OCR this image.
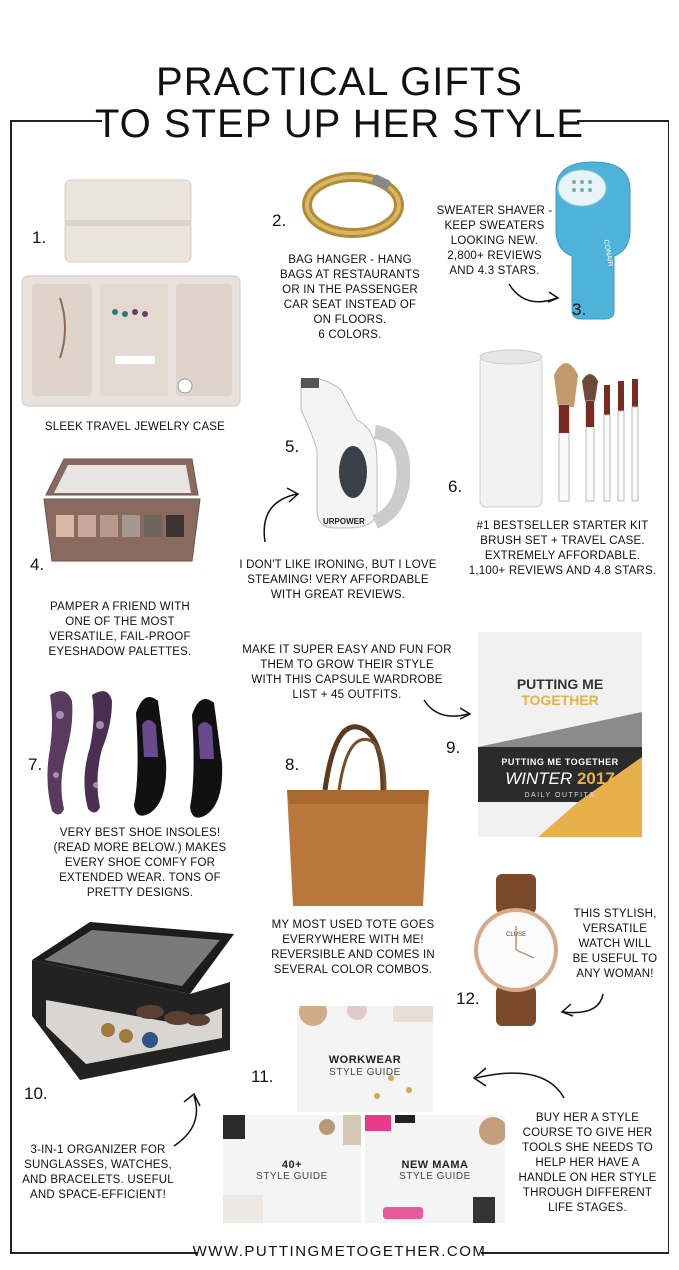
PRACTICAL GIFTS
TO STEP UP HER STYLE
1.
SLEEK TRAVEL JEWELRY CASE
2.
BAG HANGER - HANG
BAGS AT RESTAURANTS
OR IN THE PASSENGER
CAR SEAT INSTEAD OF
ON FLOORS.
6 COLORS.
CONAIR
SWEATER SHAVER -
KEEP SWEATERS
LOOKING NEW.
2,800+ REVIEWS
AND 4.3 STARS.
3.
4.
PAMPER A FRIEND WITH
ONE OF THE MOST
VERSATILE, FAIL-PROOF
EYESHADOW PALETTES.
URPOWER
5.
I DON'T LIKE IRONING, BUT I LOVE
STEAMING! VERY AFFORDABLE
WITH GREAT REVIEWS.
6.
#1 BESTSELLER STARTER KIT
BRUSH SET + TRAVEL CASE.
EXTREMELY AFFORDABLE.
1,100+ REVIEWS AND 4.8 STARS.
MAKE IT SUPER EASY AND FUN FOR
THEM TO GROW THEIR STYLE
WITH THIS CAPSULE WARDROBE
LIST + 45 OUTFITS.
9.
PUTTING ME
TOGETHER
PUTTING ME TOGETHER
WINTER 2017
DAILY OUTFITS
7.
VERY BEST SHOE INSOLES!
(READ MORE BELOW.) MAKES
EVERY SHOE COMFY FOR
EXTENDED WEAR. TONS OF
PRETTY DESIGNS.
8.
MY MOST USED TOTE GOES
EVERYWHERE WITH ME!
REVERSIBLE AND COMES IN
SEVERAL COLOR COMBOS.
CLUSE
THIS STYLISH,
VERSATILE
WATCH WILL
BE USEFUL TO
ANY WOMAN!
12.
10.
3-IN-1 ORGANIZER FOR
SUNGLASSES, WATCHES,
AND BRACELETS. USEFUL
AND SPACE-EFFICIENT!
WORKWEAR
STYLE GUIDE
40+
STYLE GUIDE
NEW MAMA
STYLE GUIDE
11.
BUY HER A STYLE
COURSE TO GIVE HER
TOOLS SHE NEEDS TO
HELP HER HAVE A
HANDLE ON HER STYLE
THROUGH DIFFERENT
LIFE STAGES.
WWW.PUTTINGMETOGETHER.COM
